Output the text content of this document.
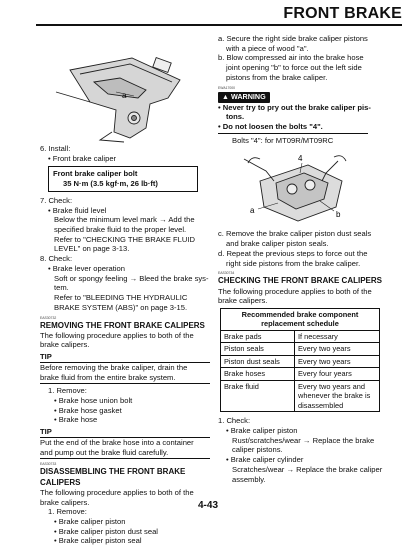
FRONT BRAKE
a
6. Install:
• Front brake caliper
Front brake caliper bolt
35 N·m (3.5 kgf·m, 26 lb·ft)
7. Check:
• Brake fluid level
Below the minimum level mark → Add the
specified brake fluid to the proper level.
Refer to "CHECKING THE BRAKE FLUID
LEVEL" on page 3-13.
8. Check:
• Brake lever operation
Soft or spongy feeling → Bleed the brake sys-
tem.
Refer to "BLEEDING THE HYDRAULIC
BRAKE SYSTEM (ABS)" on page 3-15.
EAS30732
REMOVING THE FRONT BRAKE CALIPERS
The following procedure applies to both of the
brake calipers.
TIP
Before removing the brake caliper, drain the
brake fluid from the entire brake system.
1. Remove:
• Brake hose union bolt
• Brake hose gasket
• Brake hose
TIP
Put the end of the brake hose into a container
and pump out the brake fluid carefully.
EAS30733
DISASSEMBLING THE FRONT BRAKE
CALIPERS
The following procedure applies to both of the
brake calipers.
1. Remove:
• Brake caliper piston
• Brake caliper piston dust seal
• Brake caliper piston seal
a. Secure the right side brake caliper pistons
with a piece of wood "a".
b. Blow compressed air into the brake hose
joint opening "b" to force out the left side
pistons from the brake caliper.
EWA17000
▲ WARNING
• Never try to pry out the brake caliper pis-
tons.
• Do not loosen the bolts "4".
Bolts "4": for MT09R/MT09RC
4
a	b
c. Remove the brake caliper piston dust seals
and brake caliper piston seals.
d. Repeat the previous steps to force out the
right side pistons from the brake caliper.
EAS30734
CHECKING THE FRONT BRAKE CALIPERS
The following procedure applies to both of the
brake calipers.
Recommended brake component
replacement schedule	

Brake pads	If necessary
Piston seals	Every two years
Piston dust seals	Every two years
Brake hoses	Every four years
Brake fluid	Every two years and whenever the brake is disassembled
1. Check:
• Brake caliper piston
Rust/scratches/wear → Replace the brake
caliper pistons.
• Brake caliper cylinder
Scratches/wear → Replace the brake caliper
assembly.
4-43
